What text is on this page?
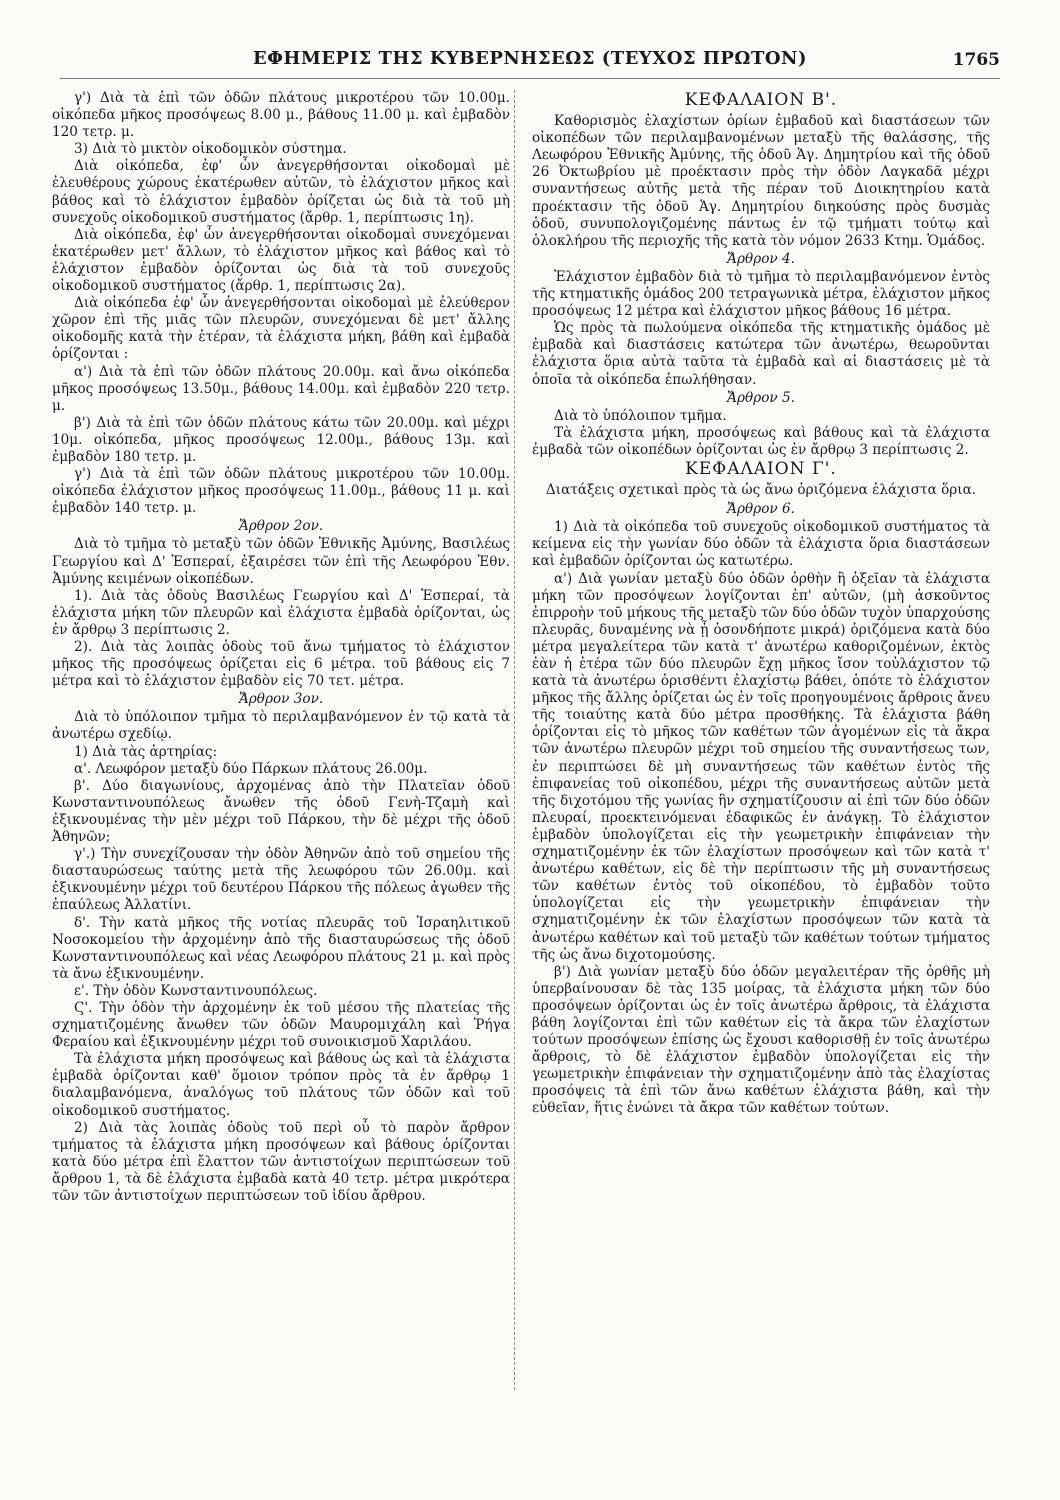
ΕΦΗΜΕΡΙΣ ΤΗΣ ΚΥΒΕΡΝΗΣΕΩΣ (ΤΕΥΧΟΣ ΠΡΩΤΟΝ)	1765

γ') Διὰ τὰ ἐπὶ τῶν ὁδῶν πλάτους μικροτέρου τῶν 10.00μ. οἰκόπεδα μῆκος προσόψεως 8.00 μ., βάθους 11.00 μ. καὶ ἐμβαδὸν 120 τετρ. μ.

3) Διὰ τὸ μικτὸν οἰκοδομικὸν σύστημα.

Διὰ οἰκόπεδα, ἐφ' ὧν ἀνεγερθήσονται οἰκοδομαὶ μὲ ἐλευθέρους χώρους ἑκατέρωθεν αὐτῶν, τὸ ἐλάχιστον μῆκος καὶ βάθος καὶ τὸ ἐλάχιστον ἐμβαδὸν ὁρίζεται ὡς διὰ τὰ τοῦ μὴ συνεχοῦς οἰκοδομικοῦ συστήματος (ἄρθρ. 1, περίπτωσις 1η).

Διὰ οἰκόπεδα, ἐφ' ὧν ἀνεγερθήσονται οἰκοδομαὶ συνεχόμεναι ἑκατέρωθεν μετ' ἄλλων, τὸ ἐλάχιστον μῆκος καὶ βάθος καὶ τὸ ἐλάχιστον ἐμβαδὸν ὁρίζονται ὡς διὰ τὰ τοῦ συνεχοῦς οἰκοδομικοῦ συστήματος (ἄρθρ. 1, περίπτωσις 2α).

Διὰ οἰκόπεδα ἐφ' ὧν ἀνεγερθήσονται οἰκοδομαὶ μὲ ἐλεύθερον χῶρον ἐπὶ τῆς μιᾶς τῶν πλευρῶν, συνεχόμεναι δὲ μετ' ἄλλης οἰκοδομῆς κατὰ τὴν ἑτέραν, τὰ ἐλάχιστα μήκη, βάθη καὶ ἐμβαδὰ ὁρίζονται :

α') Διὰ τὰ ἐπὶ τῶν ὁδῶν πλάτους 20.00μ. καὶ ἄνω οἰκόπεδα μῆκος προσόψεως 13.50μ., βάθους 14.00μ. καὶ ἐμβαδὸν 220 τετρ. μ.

β') Διὰ τὰ ἐπὶ τῶν ὁδῶν πλάτους κάτω τῶν 20.00μ. καὶ μέχρι 10μ. οἰκόπεδα, μῆκος προσόψεως 12.00μ., βάθους 13μ. καὶ ἐμβαδὸν 180 τετρ. μ.

γ') Διὰ τὰ ἐπὶ τῶν ὁδῶν πλάτους μικροτέρου τῶν 10.00μ. οἰκόπεδα ἐλάχιστον μῆκος προσόψεως 11.00μ., βάθους 11 μ. καὶ ἐμβαδὸν 140 τετρ. μ.

Ἄρθρον 2ον.

Διὰ τὸ τμῆμα τὸ μεταξὺ τῶν ὁδῶν Ἐθνικῆς Ἀμύνης, Βασιλέως Γεωργίου καὶ Δ' Ἑσπεραί, ἐξαιρέσει τῶν ἐπὶ τῆς Λεωφόρου Ἐθν. Ἀμύνης κειμένων οἰκοπέδων.

1). Διὰ τὰς ὁδοὺς Βασιλέως Γεωργίου καὶ Δ' Ἑσπεραί, τὰ ἐλάχιστα μήκη τῶν πλευρῶν καὶ ἐλάχιστα ἐμβαδὰ ὁρίζονται, ὡς ἐν ἄρθρῳ 3 περίπτωσις 2.

2). Διὰ τὰς λοιπὰς ὁδοὺς τοῦ ἄνω τμήματος τὸ ἐλάχιστον μῆκος τῆς προσόψεως ὁρίζεται εἰς 6 μέτρα. τοῦ βάθους εἰς 7 μέτρα καὶ τὸ ἐλάχιστον ἐμβαδὸν εἰς 70 τετ. μέτρα.

Ἄρθρον 3ον.

Διὰ τὸ ὑπόλοιπον τμῆμα τὸ περιλαμβανόμενον ἐν τῷ κατὰ τὰ ἀνωτέρω σχεδίῳ.

1) Διὰ τὰς ἀρτηρίας:

α'. Λεωφόρον μεταξὺ δύο Πάρκων πλάτους 26.00μ.

β'. Δύο διαγωνίους, ἀρχομένας ἀπὸ τὴν Πλατεῖαν ὁδοῦ Κωνσταντινουπόλεως ἄνωθεν τῆς ὁδοῦ Γενὴ-Τζαμὴ καὶ ἐξικνουμένας τὴν μὲν μέχρι τοῦ Πάρκου, τὴν δὲ μέχρι τῆς ὁδοῦ Ἀθηνῶν;

γ'.) Τὴν συνεχίζουσαν τὴν ὁδὸν Ἀθηνῶν ἀπὸ τοῦ σημείου τῆς διασταυρώσεως ταύτης μετὰ τῆς λεωφόρου τῶν 26.00μ. καὶ ἐξικνουμένην μέχρι τοῦ δευτέρου Πάρκου τῆς πόλεως ἀγωθεν τῆς ἐπαύλεως Ἀλλατίνι.

δ'. Τὴν κατὰ μῆκος τῆς νοτίας πλευρᾶς τοῦ Ἰσραηλιτικοῦ Νοσοκομείου τὴν ἀρχομένην ἀπὸ τῆς διασταυρώσεως τῆς ὁδοῦ Κωνσταντινουπόλεως καὶ νέας Λεωφόρου πλάτους 21 μ. καὶ πρὸς τὰ ἄνω ἐξικνουμένην.

ε'. Τὴν ὁδὸν Κωνσταντινουπόλεως.

Ϛ'. Τὴν ὁδὸν τὴν ἀρχομένην ἐκ τοῦ μέσου τῆς πλατείας τῆς σχηματιζομένης ἄνωθεν τῶν ὁδῶν Μαυρομιχάλη καὶ Ῥήγα Φεραίου καὶ ἐξικνουμένην μέχρι τοῦ συνοικισμοῦ Χαριλάου.

Τὰ ἐλάχιστα μήκη προσόψεως καὶ βάθους ὡς καὶ τὰ ἐλάχιστα ἐμβαδὰ ὁρίζονται καθ' ὅμοιον τρόπον πρὸς τὰ ἐν ἄρθρῳ 1 διαλαμβανόμενα, ἀναλόγως τοῦ πλάτους τῶν ὁδῶν καὶ τοῦ οἰκοδομικοῦ συστήματος.

2) Διὰ τὰς λοιπὰς ὁδοὺς τοῦ περὶ οὗ τὸ παρὸν ἄρθρον τμήματος τὰ ἐλάχιστα μήκη προσόψεων καὶ βάθους ὁρίζονται κατὰ δύο μέτρα ἐπὶ ἔλαττον τῶν ἀντιστοίχων περιπτώσεων τοῦ ἄρθρου 1, τὰ δὲ ἐλάχιστα ἐμβαδὰ κατὰ 40 τετρ. μέτρα μικρότερα τῶν τῶν ἀντιστοίχων περιπτώσεων τοῦ ἰδίου ἄρθρου.

ΚΕΦΑΛΑΙΟΝ Β'.

Καθορισμὸς ἐλαχίστων ὁρίων ἐμβαδοῦ καὶ διαστάσεων τῶν οἰκοπέδων τῶν περιλαμβανομένων μεταξὺ τῆς θαλάσσης, τῆς Λεωφόρου Ἐθνικῆς Ἀμύνης, τῆς ὁδοῦ Ἁγ. Δημητρίου καὶ τῆς ὁδοῦ 26 Ὀκτωβρίου μὲ προέκτασιν πρὸς τὴν ὁδὸν Λαγκαδᾶ μέχρι συναντήσεως αὐτῆς μετὰ τῆς πέραν τοῦ Διοικητηρίου κατὰ προέκτασιν τῆς ὁδοῦ Ἁγ. Δημητρίου διηκούσης πρὸς δυσμὰς ὁδοῦ, συνυπολογιζομένης πάντως ἐν τῷ τμήματι τούτῳ καὶ ὁλοκλήρου τῆς περιοχῆς τῆς κατὰ τὸν νόμον 2633 Κτημ. Ὁμάδος.

Ἄρθρον 4.

Ἐλάχιστον ἐμβαδὸν διὰ τὸ τμῆμα τὸ περιλαμβανόμενον ἐντὸς τῆς κτηματικῆς ὁμάδος 200 τετραγωνικὰ μέτρα, ἐλάχιστον μῆκος προσόψεως 12 μέτρα καὶ ἐλάχιστον μῆκος βάθους 16 μέτρα.

Ὡς πρὸς τὰ πωλούμενα οἰκόπεδα τῆς κτηματικῆς ὁμάδος μὲ ἐμβαδὰ καὶ διαστάσεις κατώτερα τῶν ἀνωτέρω, θεωροῦνται ἐλάχιστα ὅρια αὐτὰ ταῦτα τὰ ἐμβαδὰ καὶ αἱ διαστάσεις μὲ τὰ ὁποῖα τὰ οἰκόπεδα ἐπωλήθησαν.

Ἄρθρον 5.

Διὰ τὸ ὑπόλοιπον τμῆμα.

Τὰ ἐλάχιστα μήκη, προσόψεως καὶ βάθους καὶ τὰ ἐλάχιστα ἐμβαδὰ τῶν οἰκοπέδων ὁρίζονται ὡς ἐν ἄρθρῳ 3 περίπτωσις 2.

ΚΕΦΑΛΑΙΟΝ Γ'.

Διατάξεις σχετικαὶ πρὸς τὰ ὡς ἄνω ὁριζόμενα ἐλάχιστα ὅρια.

Ἄρθρον 6.

1) Διὰ τὰ οἰκόπεδα τοῦ συνεχοῦς οἰκοδομικοῦ συστήματος τὰ κείμενα εἰς τὴν γωνίαν δύο ὁδῶν τὰ ἐλάχιστα ὅρια διαστάσεων καὶ ἐμβαδῶν ὁρίζονται ὡς κατωτέρω.

α') Διὰ γωνίαν μεταξὺ δύο ὁδῶν ὀρθὴν ἢ ὀξεῖαν τὰ ἐλάχιστα μήκη τῶν προσόψεων λογίζονται ἐπ' αὐτῶν, (μὴ ἀσκοῦντος ἐπιρροὴν τοῦ μήκους τῆς μεταξὺ τῶν δύο ὁδῶν τυχὸν ὑπαρχούσης πλευρᾶς, δυναμένης νὰ ᾖ ὁσονδήποτε μικρά) ὁριζόμενα κατὰ δύο μέτρα μεγαλείτερα τῶν κατὰ τ' ἀνωτέρω καθοριζομένων, ἐκτὸς ἐὰν ἡ ἑτέρα τῶν δύο πλευρῶν ἔχῃ μῆκος ἴσον τοὐλάχιστον τῷ κατὰ τὰ ἀνωτέρω ὁρισθέντι ἐλαχίστῳ βάθει, ὁπότε τὸ ἐλάχιστον μῆκος τῆς ἄλλης ὁρίζεται ὡς ἐν τοῖς προηγουμένοις ἄρθροις ἄνευ τῆς τοιαύτης κατὰ δύο μέτρα προσθήκης. Τὰ ἐλάχιστα βάθη ὁρίζονται εἰς τὸ μῆκος τῶν καθέτων τῶν ἀγομένων εἰς τὰ ἄκρα τῶν ἀνωτέρω πλευρῶν μέχρι τοῦ σημείου τῆς συναντήσεως των, ἐν περιπτώσει δὲ μὴ συναντήσεως τῶν καθέτων ἐντὸς τῆς ἐπιφανείας τοῦ οἰκοπέδου, μέχρι τῆς συναντήσεως αὐτῶν μετὰ τῆς διχοτόμου τῆς γωνίας ἣν σχηματίζουσιν αἱ ἐπὶ τῶν δύο ὁδῶν πλευραί, προεκτεινόμεναι ἐδαφικῶς ἐν ἀνάγκῃ. Τὸ ἐλάχιστον ἐμβαδὸν ὑπολογίζεται εἰς τὴν γεωμετρικὴν ἐπιφάνειαν τὴν σχηματιζομένην ἐκ τῶν ἐλαχίστων προσόψεων καὶ τῶν κατὰ τ' ἀνωτέρω καθέτων, εἰς δὲ τὴν περίπτωσιν τῆς μὴ συναντήσεως τῶν καθέτων ἐντὸς τοῦ οἰκοπέδου, τὸ ἐμβαδὸν τοῦτο ὑπολογίζεται εἰς τὴν γεωμετρικὴν ἐπιφάνειαν τὴν σχηματιζομένην ἐκ τῶν ἐλαχίστων προσόψεων τῶν κατὰ τὰ ἀνωτέρω καθέτων καὶ τοῦ μεταξὺ τῶν καθέτων τούτων τμήματος τῆς ὡς ἄνω διχοτομούσης.

β') Διὰ γωνίαν μεταξὺ δύο ὁδῶν μεγαλειτέραν τῆς ὀρθῆς μὴ ὑπερβαίνουσαν δὲ τὰς 135 μοίρας, τὰ ἐλάχιστα μήκη τῶν δύο προσόψεων ὁρίζονται ὡς ἐν τοῖς ἀνωτέρω ἄρθροις, τὰ ἐλάχιστα βάθη λογίζονται ἐπὶ τῶν καθέτων εἰς τὰ ἄκρα τῶν ἐλαχίστων τούτων προσόψεων ἐπίσης ὡς ἔχουσι καθορισθῇ ἐν τοῖς ἀνωτέρω ἄρθροις, τὸ δὲ ἐλάχιστον ἐμβαδὸν ὑπολογίζεται εἰς τὴν γεωμετρικὴν ἐπιφάνειαν τὴν σχηματιζομένην ἀπὸ τὰς ἐλαχίστας προσόψεις τὰ ἐπὶ τῶν ἄνω καθέτων ἐλάχιστα βάθη, καὶ τὴν εὐθεῖαν, ἥτις ἑνώνει τὰ ἄκρα τῶν καθέτων τούτων.
